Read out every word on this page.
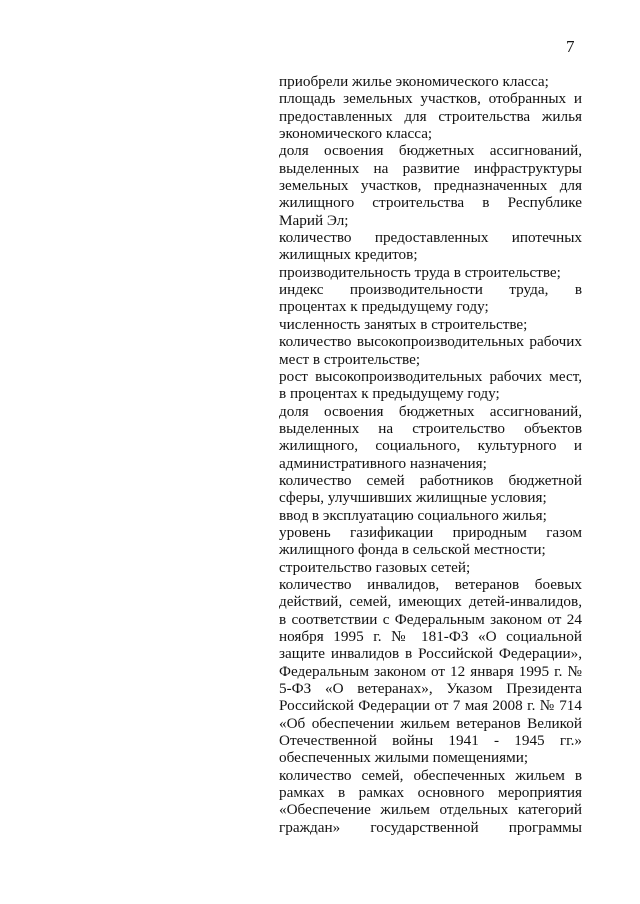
7

приобрели жилье экономического класса;

площадь земельных участков, отобранных и предоставленных для строительства жилья экономического класса;

доля освоения бюджетных ассигнований, выделенных на развитие инфраструктуры земельных участков, предназначенных для жилищного строительства в Республике Марий Эл;

количество предоставленных ипотечных жилищных кредитов;

производительность труда в строительстве;

индекс производительности труда, в процентах к предыдущему году;

численность занятых в строительстве;

количество высокопроизводительных рабочих мест в строительстве;

рост высокопроизводительных рабочих мест, в процентах к предыдущему году;

доля освоения бюджетных ассигнований, выделенных на строительство объектов жилищного, социального, культурного и административного назначения;

количество семей работников бюджетной сферы, улучшивших жилищные условия;

ввод в эксплуатацию социального жилья;

уровень газификации природным газом жилищного фонда в сельской местности;

строительство газовых сетей;

количество инвалидов, ветеранов боевых действий, семей, имеющих детей-инвалидов, в соответствии с Федеральным законом от 24 ноября 1995 г. № 181-ФЗ «О социальной защите инвалидов в Российской Федерации», Федеральным законом от 12 января 1995 г. № 5-ФЗ «О ветеранах», Указом Президента Российской Федерации от 7 мая 2008 г. № 714 «Об обеспечении жильем ветеранов Великой Отечественной войны 1941 - 1945 гг.» обеспеченных жилыми помещениями;

количество семей, обеспеченных жильем в рамках в рамках основного мероприятия «Обеспечение жильем отдельных категорий граждан» государственной программы
